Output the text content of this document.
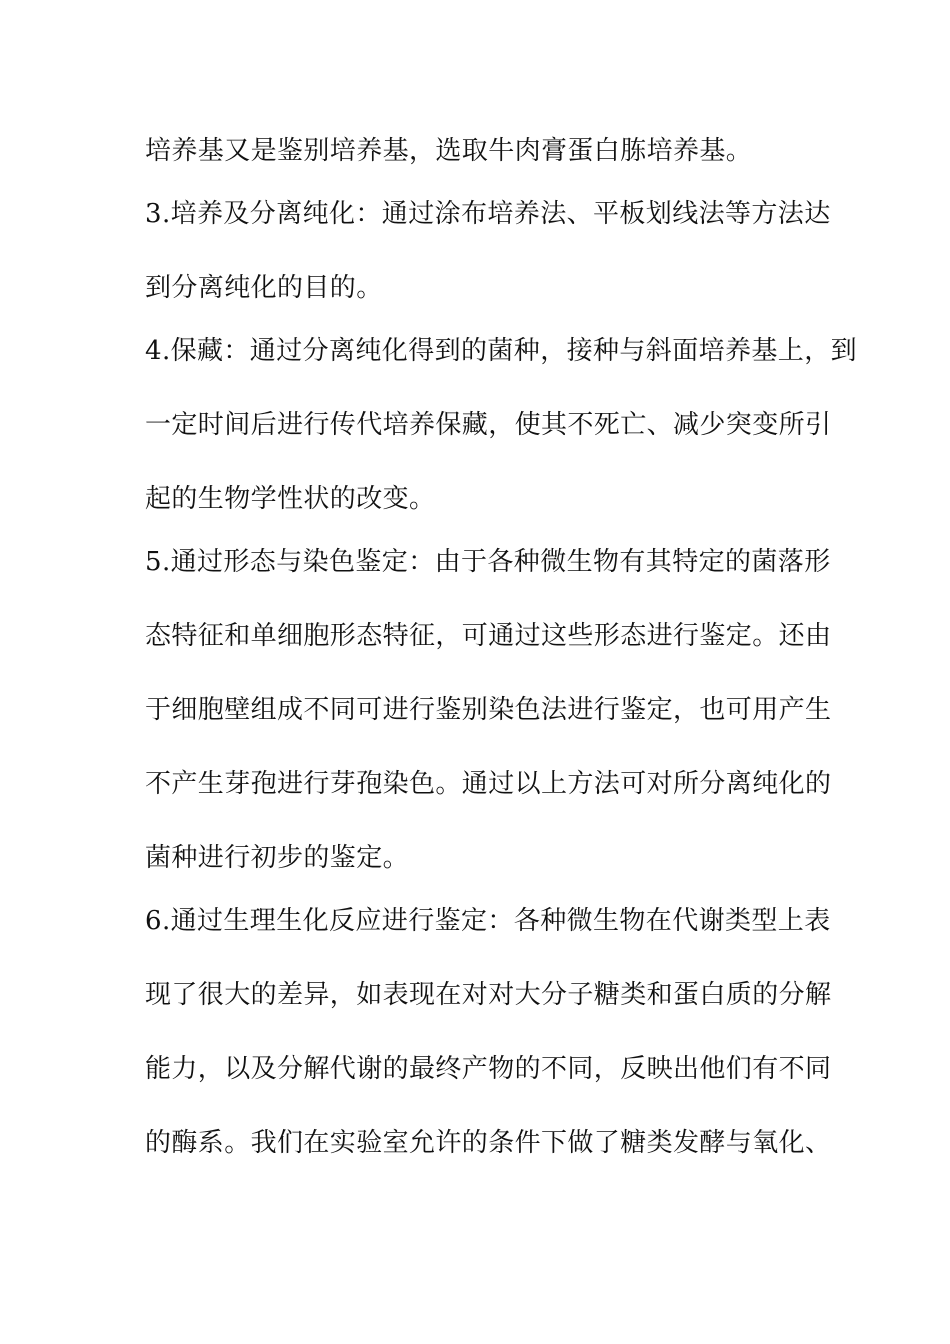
培养基又是鉴别培养基，选取牛肉膏蛋白胨培养基。
3.培养及分离纯化：通过涂布培养法、平板划线法等方法达
到分离纯化的目的。
4.保藏：通过分离纯化得到的菌种，接种与斜面培养基上，到
一定时间后进行传代培养保藏，使其不死亡、减少突变所引
起的生物学性状的改变。
5.通过形态与染色鉴定：由于各种微生物有其特定的菌落形
态特征和单细胞形态特征，可通过这些形态进行鉴定。还由
于细胞壁组成不同可进行鉴别染色法进行鉴定，也可用产生
不产生芽孢进行芽孢染色。通过以上方法可对所分离纯化的
菌种进行初步的鉴定。
6.通过生理生化反应进行鉴定：各种微生物在代谢类型上表
现了很大的差异，如表现在对对大分子糖类和蛋白质的分解
能力，以及分解代谢的最终产物的不同，反映出他们有不同
的酶系。我们在实验室允许的条件下做了糖类发酵与氧化、
